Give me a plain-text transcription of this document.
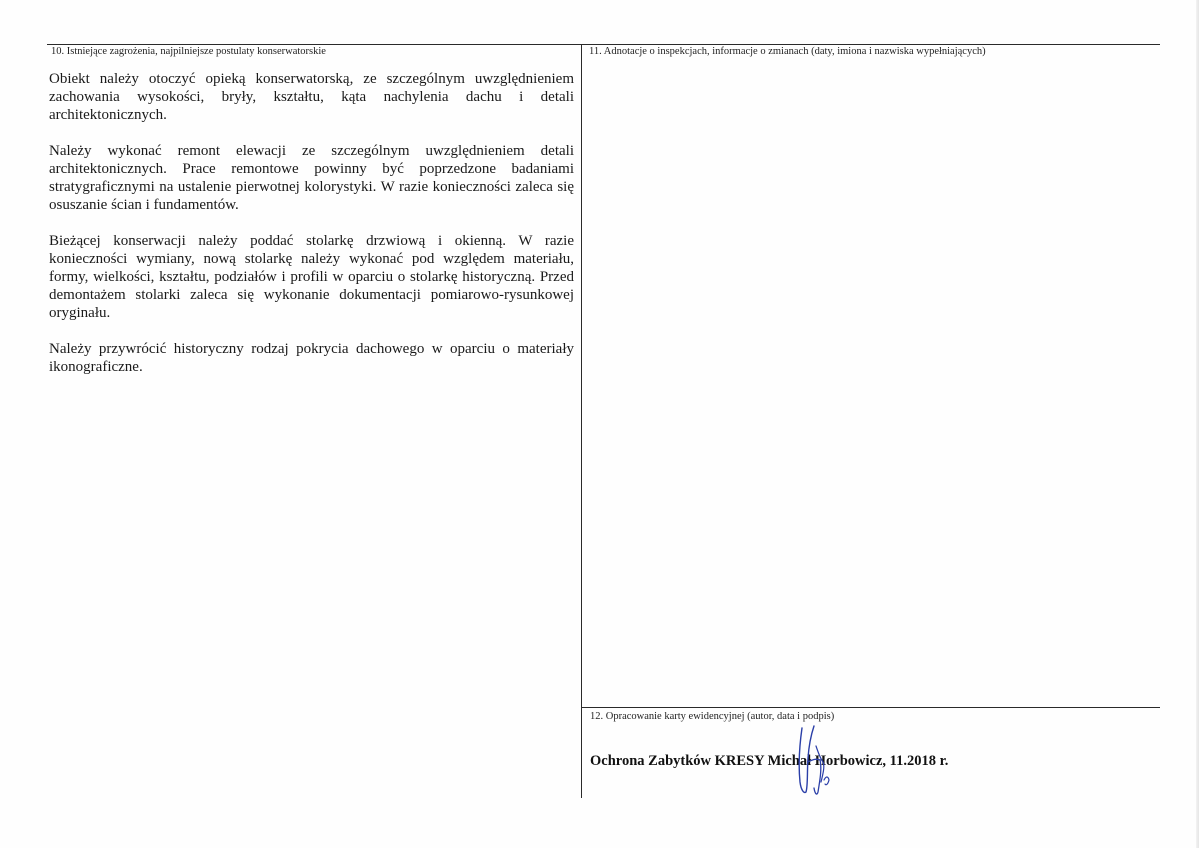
10. Istniejące zagrożenia, najpilniejsze postulaty konserwatorskie	11. Adnotacje o inspekcjach, informacje o zmianach (daty, imiona i nazwiska wypełniających)
12. Opracowanie karty ewidencyjnej (autor, data i podpis)

Obiekt należy otoczyć opieką konserwatorską, ze szczególnym uwzględnieniem zachowania wysokości, bryły, kształtu, kąta nachylenia dachu i detali architektonicznych.

Należy wykonać remont elewacji ze szczególnym uwzględnieniem detali architektonicznych. Prace remontowe powinny być poprzedzone badaniami stratygraficznymi na ustalenie pierwotnej kolorystyki. W razie konieczności zaleca się osuszanie ścian i fundamentów.

Bieżącej konserwacji należy poddać stolarkę drzwiową i okienną. W razie konieczności wymiany, nową stolarkę należy wykonać pod względem materiału, formy, wielkości, kształtu, podziałów i profili w oparciu o stolarkę historyczną. Przed demontażem stolarki zaleca się wykonanie dokumentacji pomiarowo-rysunkowej oryginału.

Należy przywrócić historyczny rodzaj pokrycia dachowego w oparciu o materiały ikonograficzne.

Ochrona Zabytków KRESY Michał Horbowicz, 11.2018 r.
